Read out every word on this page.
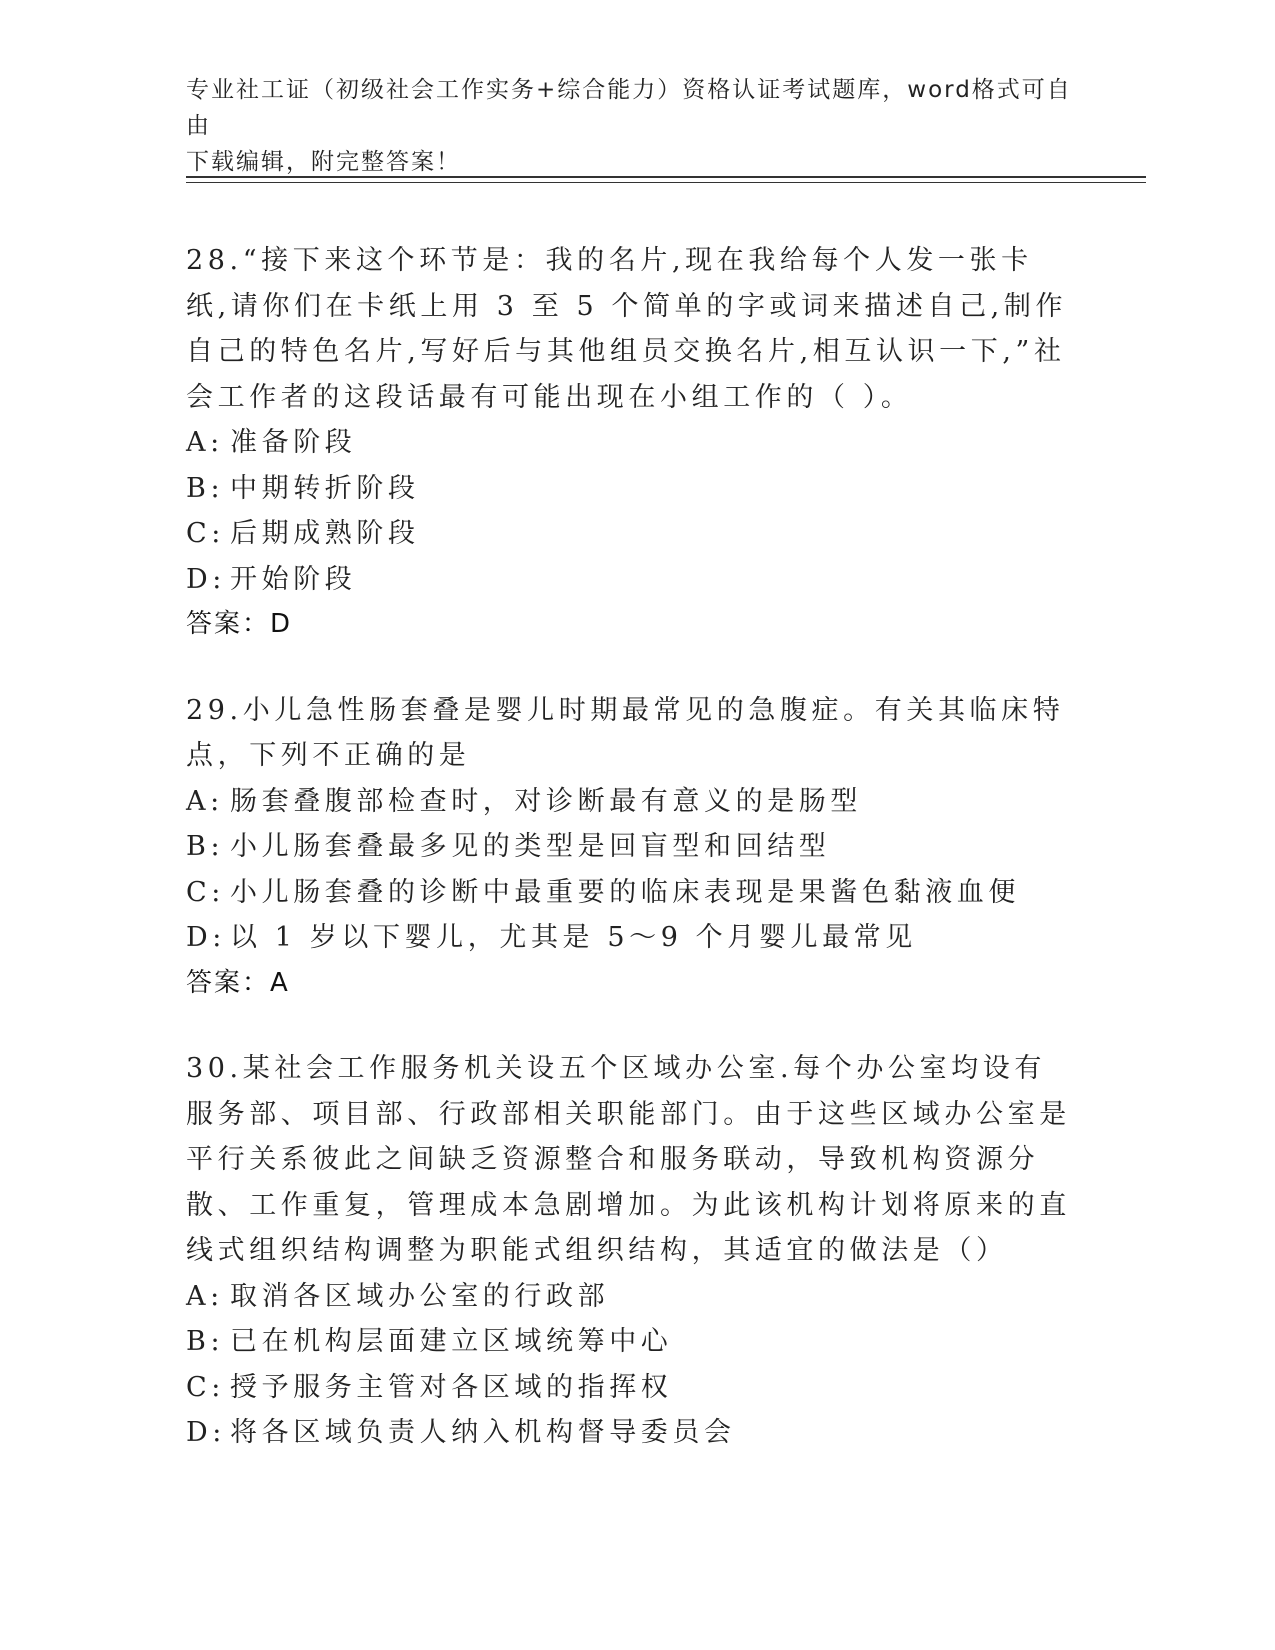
专业社工证（初级社会工作实务+综合能力）资格认证考试题库，word格式可自由
下载编辑，附完整答案！

28.“接下来这个环节是：我的名片,现在我给每个人发一张卡纸,请你们在卡纸上用 3 至 5 个简单的字或词来描述自己,制作自己的特色名片,写好后与其他组员交换名片,相互认识一下,”社会工作者的这段话最有可能出现在小组工作的（ ）。

A: 准备阶段

B: 中期转折阶段

C: 后期成熟阶段

D: 开始阶段

答案：D

29.小儿急性肠套叠是婴儿时期最常见的急腹症。有关其临床特点，下列不正确的是

A: 肠套叠腹部检查时，对诊断最有意义的是肠型

B: 小儿肠套叠最多见的类型是回盲型和回结型

C: 小儿肠套叠的诊断中最重要的临床表现是果酱色黏液血便

D: 以 1 岁以下婴儿，尤其是 5～9 个月婴儿最常见

答案：A

30.某社会工作服务机关设五个区域办公室.每个办公室均设有服务部、项目部、行政部相关职能部门。由于这些区域办公室是平行关系彼此之间缺乏资源整合和服务联动，导致机构资源分散、工作重复，管理成本急剧增加。为此该机构计划将原来的直线式组织结构调整为职能式组织结构，其适宜的做法是（）

A: 取消各区域办公室的行政部

B: 已在机构层面建立区域统筹中心

C: 授予服务主管对各区域的指挥权

D: 将各区域负责人纳入机构督导委员会
